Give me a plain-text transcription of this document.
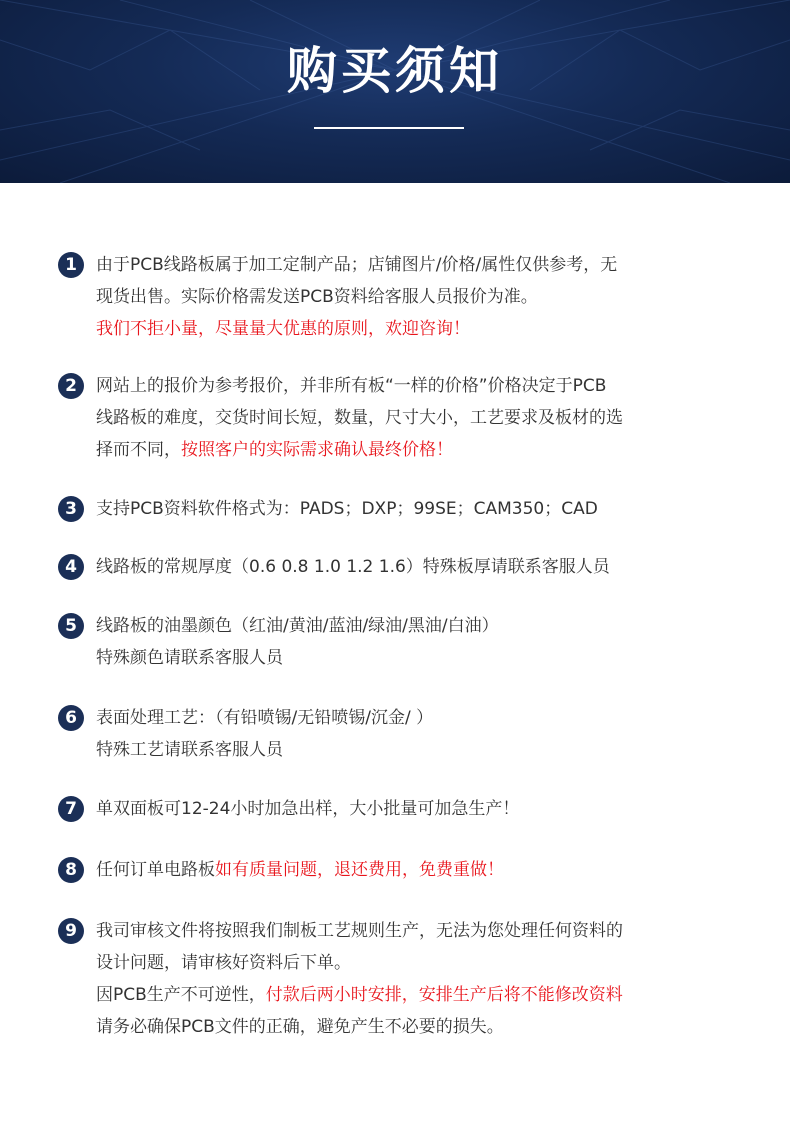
购买须知
1	由于PCB线路板属于加工定制产品；店铺图片/价格/属性仅供参考，无
现货出售。实际价格需发送PCB资料给客服人员报价为准。
我们不拒小量，尽量量大优惠的原则，欢迎咨询！
2	网站上的报价为参考报价，并非所有板“一样的价格”价格决定于PCB
线路板的难度，交货时间长短，数量，尺寸大小，工艺要求及板材的选
择而不同，按照客户的实际需求确认最终价格！
3	支持PCB资料软件格式为：PADS；DXP；99SE；CAM350；CAD
4	线路板的常规厚度（0.6 0.8 1.0 1.2 1.6）特殊板厚请联系客服人员
5	线路板的油墨颜色（红油/黄油/蓝油/绿油/黑油/白油）
特殊颜色请联系客服人员
6	表面处理工艺：（有铅喷锡/无铅喷锡/沉金/ ）
特殊工艺请联系客服人员
7	单双面板可12-24小时加急出样，大小批量可加急生产！
8	任何订单电路板如有质量问题，退还费用，免费重做！
9	我司审核文件将按照我们制板工艺规则生产，无法为您处理任何资料的
设计问题，请审核好资料后下单。
因PCB生产不可逆性，付款后两小时安排，安排生产后将不能修改资料
请务必确保PCB文件的正确，避免产生不必要的损失。
